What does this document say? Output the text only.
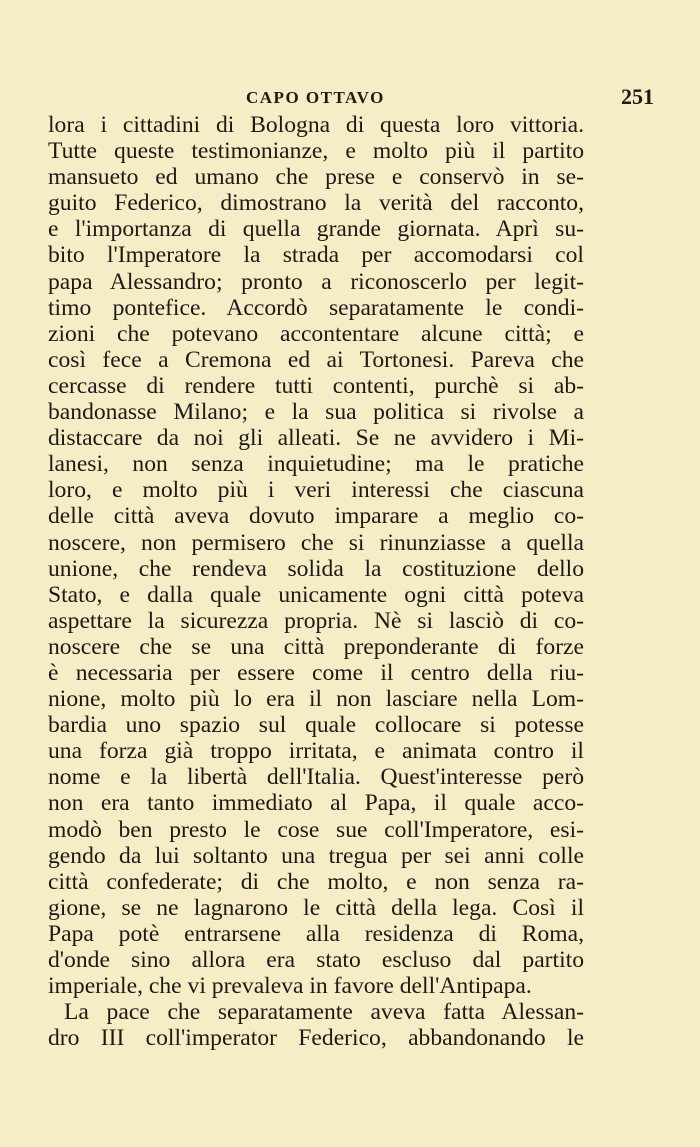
CAPO OTTAVO	251
lora i cittadini di Bologna di questa loro vittoria.
Tutte queste testimonianze, e molto più il partito
mansueto ed umano che prese e conservò in se-
guito Federico, dimostrano la verità del racconto,
e l'importanza di quella grande giornata. Aprì su-
bito l'Imperatore la strada per accomodarsi col
papa Alessandro; pronto a riconoscerlo per legit-
timo pontefice. Accordò separatamente le condi-
zioni che potevano accontentare alcune città; e
così fece a Cremona ed ai Tortonesi. Pareva che
cercasse di rendere tutti contenti, purchè si ab-
bandonasse Milano; e la sua politica si rivolse a
distaccare da noi gli alleati. Se ne avvidero i Mi-
lanesi, non senza inquietudine; ma le pratiche
loro, e molto più i veri interessi che ciascuna
delle città aveva dovuto imparare a meglio co-
noscere, non permisero che si rinunziasse a quella
unione, che rendeva solida la costituzione dello
Stato, e dalla quale unicamente ogni città poteva
aspettare la sicurezza propria. Nè si lasciò di co-
noscere che se una città preponderante di forze
è necessaria per essere come il centro della riu-
nione, molto più lo era il non lasciare nella Lom-
bardia uno spazio sul quale collocare si potesse
una forza già troppo irritata, e animata contro il
nome e la libertà dell'Italia. Quest'interesse però
non era tanto immediato al Papa, il quale acco-
modò ben presto le cose sue coll'Imperatore, esi-
gendo da lui soltanto una tregua per sei anni colle
città confederate; di che molto, e non senza ra-
gione, se ne lagnarono le città della lega. Così il
Papa potè entrarsene alla residenza di Roma,
d'onde sino allora era stato escluso dal partito
imperiale, che vi prevaleva in favore dell'Antipapa.
La pace che separatamente aveva fatta Alessan-
dro III coll'imperator Federico, abbandonando le
